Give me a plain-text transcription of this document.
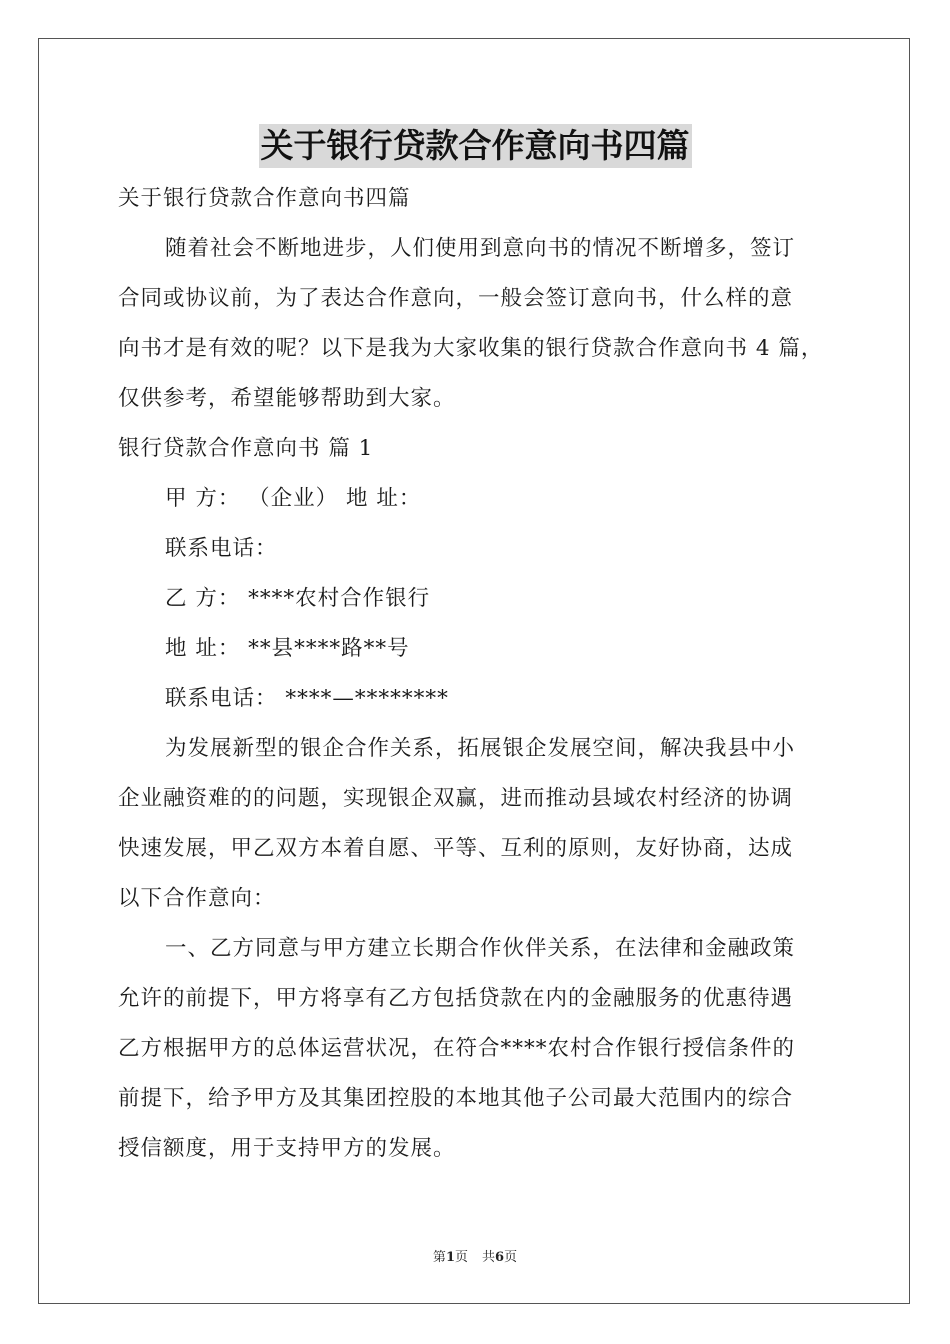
关于银行贷款合作意向书四篇
关于银行贷款合作意向书四篇
随着社会不断地进步，人们使用到意向书的情况不断增多，签订
合同或协议前，为了表达合作意向，一般会签订意向书，什么样的意
向书才是有效的呢？以下是我为大家收集的银行贷款合作意向书 4 篇，
仅供参考，希望能够帮助到大家。
银行贷款合作意向书 篇 1
甲 方： （企业） 地 址：
联系电话：
乙 方： ****农村合作银行
地 址： **县****路**号
联系电话： ****—********
为发展新型的银企合作关系，拓展银企发展空间，解决我县中小
企业融资难的的问题，实现银企双赢，进而推动县域农村经济的协调
快速发展，甲乙双方本着自愿、平等、互利的原则，友好协商，达成
以下合作意向：
一、乙方同意与甲方建立长期合作伙伴关系，在法律和金融政策
允许的前提下，甲方将享有乙方包括贷款在内的金融服务的优惠待遇
乙方根据甲方的总体运营状况，在符合****农村合作银行授信条件的
前提下，给予甲方及其集团控股的本地其他子公司最大范围内的综合
授信额度，用于支持甲方的发展。
第1页 共6页
